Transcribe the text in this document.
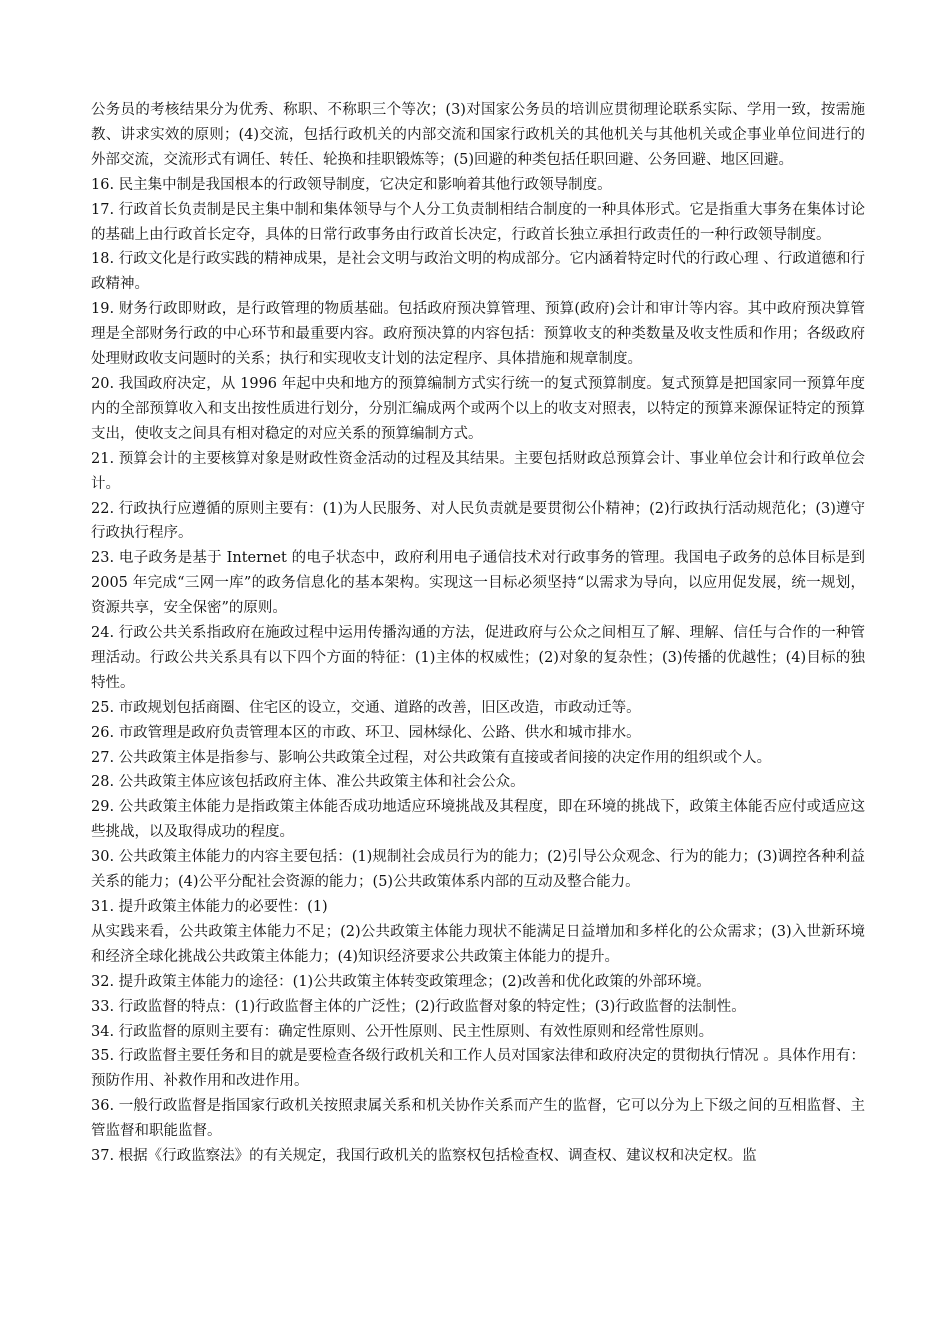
公务员的考核结果分为优秀、称职、不称职三个等次；(3)对国家公务员的培训应贯彻理论联系实际、学用一致，按需施教、讲求实效的原则；(4)交流，包括行政机关的内部交流和国家行政机关的其他机关与其他机关或企事业单位间进行的外部交流，交流形式有调任、转任、轮换和挂职锻炼等；(5)回避的种类包括任职回避、公务回避、地区回避。

16. 民主集中制是我国根本的行政领导制度，它决定和影响着其他行政领导制度。

17. 行政首长负责制是民主集中制和集体领导与个人分工负责制相结合制度的一种具体形式。它是指重大事务在集体讨论的基础上由行政首长定夺，具体的日常行政事务由行政首长决定，行政首长独立承担行政责任的一种行政领导制度。

18. 行政文化是行政实践的精神成果，是社会文明与政治文明的构成部分。它内涵着特定时代的行政心理 、行政道德和行政精神。

19. 财务行政即财政，是行政管理的物质基础。包括政府预决算管理、预算(政府)会计和审计等内容。其中政府预决算管理是全部财务行政的中心环节和最重要内容。政府预决算的内容包括：预算收支的种类数量及收支性质和作用；各级政府处理财政收支问题时的关系；执行和实现收支计划的法定程序、具体措施和规章制度。

20. 我国政府决定，从 1996 年起中央和地方的预算编制方式实行统一的复式预算制度。复式预算是把国家同一预算年度内的全部预算收入和支出按性质进行划分，分别汇编成两个或两个以上的收支对照表，以特定的预算来源保证特定的预算支出，使收支之间具有相对稳定的对应关系的预算编制方式。

21. 预算会计的主要核算对象是财政性资金活动的过程及其结果。主要包括财政总预算会计、事业单位会计和行政单位会计。

22. 行政执行应遵循的原则主要有：(1)为人民服务、对人民负责就是要贯彻公仆精神；(2)行政执行活动规范化；(3)遵守行政执行程序。

23. 电子政务是基于 Internet 的电子状态中，政府利用电子通信技术对行政事务的管理。我国电子政务的总体目标是到 2005 年完成“三网一库”的政务信息化的基本架构。实现这一目标必须坚持“以需求为导向，以应用促发展，统一规划，资源共享，安全保密”的原则。

24. 行政公共关系指政府在施政过程中运用传播沟通的方法，促进政府与公众之间相互了解、理解、信任与合作的一种管理活动。行政公共关系具有以下四个方面的特征：(1)主体的权威性；(2)对象的复杂性；(3)传播的优越性；(4)目标的独特性。

25. 市政规划包括商圈、住宅区的设立，交通、道路的改善，旧区改造，市政动迁等。

26. 市政管理是政府负责管理本区的市政、环卫、园林绿化、公路、供水和城市排水。

27. 公共政策主体是指参与、影响公共政策全过程，对公共政策有直接或者间接的决定作用的组织或个人。

28. 公共政策主体应该包括政府主体、准公共政策主体和社会公众。

29. 公共政策主体能力是指政策主体能否成功地适应环境挑战及其程度，即在环境的挑战下，政策主体能否应付或适应这些挑战，以及取得成功的程度。

30. 公共政策主体能力的内容主要包括：(1)规制社会成员行为的能力；(2)引导公众观念、行为的能力；(3)调控各种利益关系的能力；(4)公平分配社会资源的能力；(5)公共政策体系内部的互动及整合能力。

31. 提升政策主体能力的必要性：(1)

从实践来看，公共政策主体能力不足；(2)公共政策主体能力现状不能满足日益增加和多样化的公众需求；(3)入世新环境和经济全球化挑战公共政策主体能力；(4)知识经济要求公共政策主体能力的提升。

32. 提升政策主体能力的途径：(1)公共政策主体转变政策理念；(2)改善和优化政策的外部环境。

33. 行政监督的特点：(1)行政监督主体的广泛性；(2)行政监督对象的特定性；(3)行政监督的法制性。

34. 行政监督的原则主要有：确定性原则、公开性原则、民主性原则、有效性原则和经常性原则。

35. 行政监督主要任务和目的就是要检查各级行政机关和工作人员对国家法律和政府决定的贯彻执行情况 。具体作用有：预防作用、补救作用和改进作用。

36. 一般行政监督是指国家行政机关按照隶属关系和机关协作关系而产生的监督，它可以分为上下级之间的互相监督、主管监督和职能监督。

37. 根据《行政监察法》的有关规定，我国行政机关的监察权包括检查权、调查权、建议权和决定权。监
